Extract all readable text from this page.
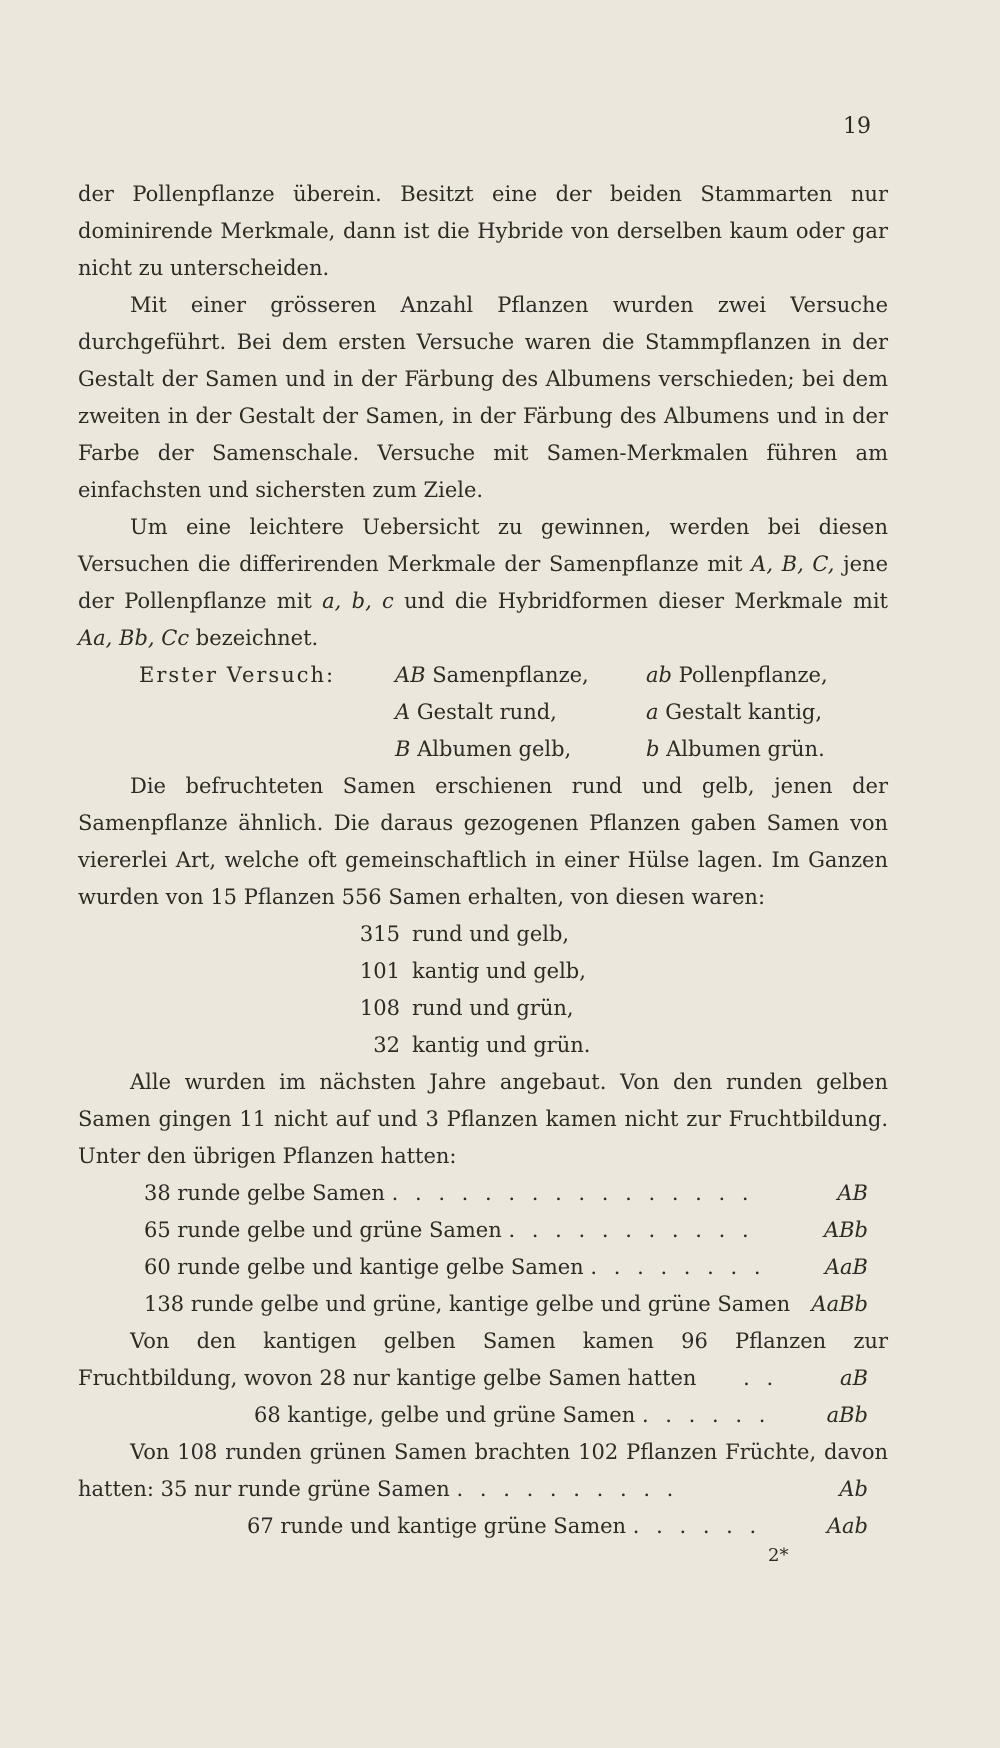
19

der Pollenpflanze überein. Besitzt eine der beiden Stammarten nur dominirende Merkmale, dann ist die Hybride von derselben kaum oder gar nicht zu unterscheiden.

Mit einer grösseren Anzahl Pflanzen wurden zwei Versuche durchgeführt. Bei dem ersten Versuche waren die Stammpflanzen in der Gestalt der Samen und in der Färbung des Albumens verschieden; bei dem zweiten in der Gestalt der Samen, in der Färbung des Albumens und in der Farbe der Samenschale. Versuche mit Samen-Merkmalen führen am einfachsten und sichersten zum Ziele.

Um eine leichtere Uebersicht zu gewinnen, werden bei diesen Versuchen die differirenden Merkmale der Samenpflanze mit A, B, C, jene der Pollenpflanze mit a, b, c und die Hybridformen dieser Merkmale mit Aa, Bb, Cc bezeichnet.

Erster Versuch:	AB Samenpflanze,	ab Pollenpflanze,
A Gestalt rund,	a Gestalt kantig,
B Albumen gelb,	b Albumen grün.

Die befruchteten Samen erschienen rund und gelb, jenen der Samenpflanze ähnlich. Die daraus gezogenen Pflanzen gaben Samen von viererlei Art, welche oft gemeinschaftlich in einer Hülse lagen. Im Ganzen wurden von 15 Pflanzen 556 Samen erhalten, von diesen waren:

315 rund und gelb,
101 kantig und gelb,
108 rund und grün,
32 kantig und grün.

Alle wurden im nächsten Jahre angebaut. Von den runden gelben Samen gingen 11 nicht auf und 3 Pflanzen kamen nicht zur Fruchtbildung. Unter den übrigen Pflanzen hatten:

38 runde gelbe Samen . . . . . . . . . . . . . . . .	AB
65 runde gelbe und grüne Samen . . . . . . . . . . .	ABb
60 runde gelbe und kantige gelbe Samen . . . . . . . .	AaB
138 runde gelbe und grüne, kantige gelbe und grüne Samen AaBb

Von den kantigen gelben Samen kamen 96 Pflanzen zur Fruchtbildung, wovon 28 nur kantige gelbe Samen hatten . .	aB

68 kantige, gelbe und grüne Samen . . . . . .	aBb

Von 108 runden grünen Samen brachten 102 Pflanzen Früchte, davon hatten: 35 nur runde grüne Samen . . . . . . . . . .	Ab

67 runde und kantige grüne Samen . . . . . .	Aab
2*
